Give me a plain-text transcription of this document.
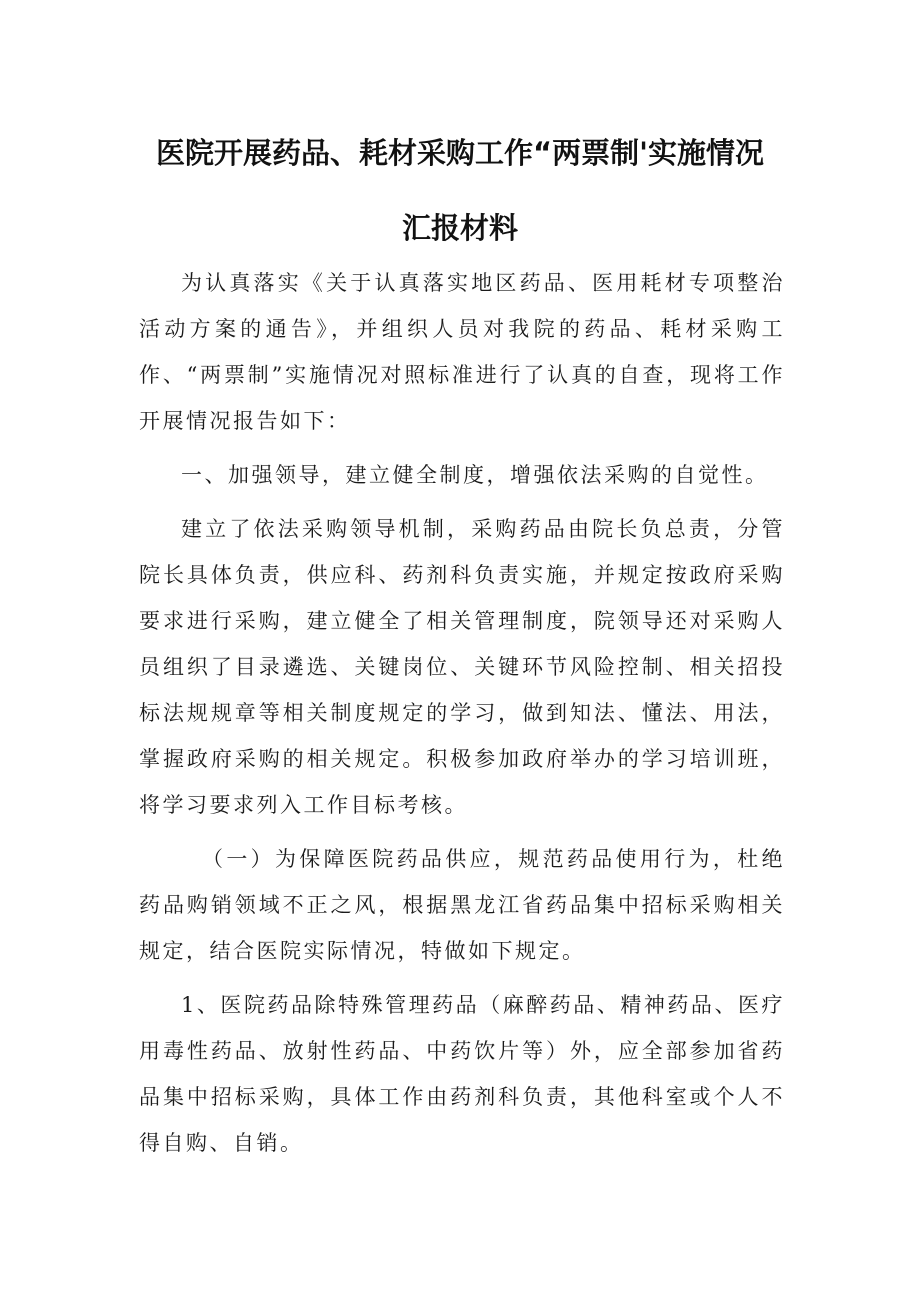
医院开展药品、耗材采购工作“两票制'实施情况
汇报材料

为认真落实《关于认真落实地区药品、医用耗材专项整治活动方案的通告》，并组织人员对我院的药品、耗材采购工作、“两票制”实施情况对照标准进行了认真的自查，现将工作开展情况报告如下：

一、加强领导，建立健全制度，增强依法采购的自觉性。

建立了依法采购领导机制，采购药品由院长负总责，分管院长具体负责，供应科、药剂科负责实施，并规定按政府采购要求进行采购，建立健全了相关管理制度，院领导还对采购人员组织了目录遴选、关键岗位、关键环节风险控制、相关招投标法规规章等相关制度规定的学习，做到知法、懂法、用法，掌握政府采购的相关规定。积极参加政府举办的学习培训班，将学习要求列入工作目标考核。

（一）为保障医院药品供应，规范药品使用行为，杜绝药品购销领域不正之风，根据黑龙江省药品集中招标采购相关规定，结合医院实际情况，特做如下规定。

1、医院药品除特殊管理药品（麻醉药品、精神药品、医疗用毒性药品、放射性药品、中药饮片等）外，应全部参加省药品集中招标采购，具体工作由药剂科负责，其他科室或个人不得自购、自销。
